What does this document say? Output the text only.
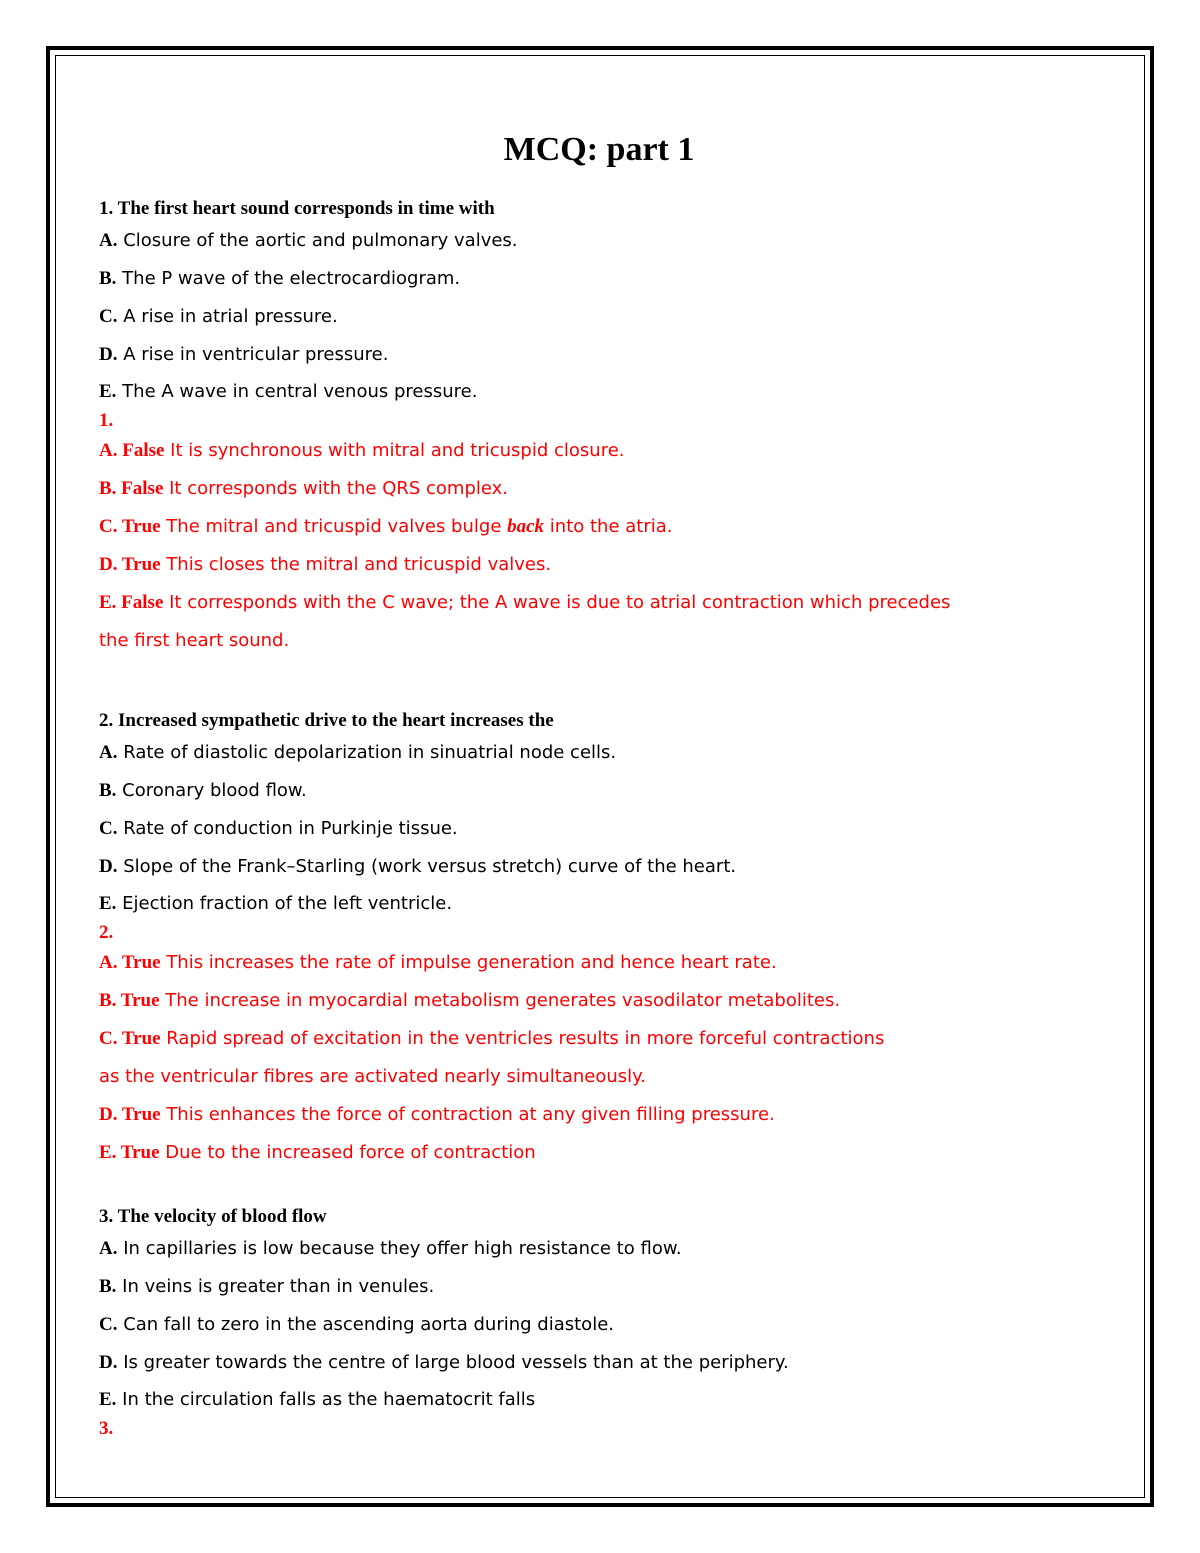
MCQ: part 1
1. The first heart sound corresponds in time with
A. Closure of the aortic and pulmonary valves.
B. The P wave of the electrocardiogram.
C. A rise in atrial pressure.
D. A rise in ventricular pressure.
E. The A wave in central venous pressure.
1.
A. False It is synchronous with mitral and tricuspid closure.
B. False It corresponds with the QRS complex.
C. True The mitral and tricuspid valves bulge back into the atria.
D. True This closes the mitral and tricuspid valves.
E. False It corresponds with the C wave; the A wave is due to atrial contraction which precedes
the first heart sound.
2. Increased sympathetic drive to the heart increases the
A. Rate of diastolic depolarization in sinuatrial node cells.
B. Coronary blood flow.
C. Rate of conduction in Purkinje tissue.
D. Slope of the Frank–Starling (work versus stretch) curve of the heart.
E. Ejection fraction of the left ventricle.
2.
A. True This increases the rate of impulse generation and hence heart rate.
B. True The increase in myocardial metabolism generates vasodilator metabolites.
C. True Rapid spread of excitation in the ventricles results in more forceful contractions
as the ventricular fibres are activated nearly simultaneously.
D. True This enhances the force of contraction at any given filling pressure.
E. True Due to the increased force of contraction
3. The velocity of blood flow
A. In capillaries is low because they offer high resistance to flow.
B. In veins is greater than in venules.
C. Can fall to zero in the ascending aorta during diastole.
D. Is greater towards the centre of large blood vessels than at the periphery.
E. In the circulation falls as the haematocrit falls
3.
